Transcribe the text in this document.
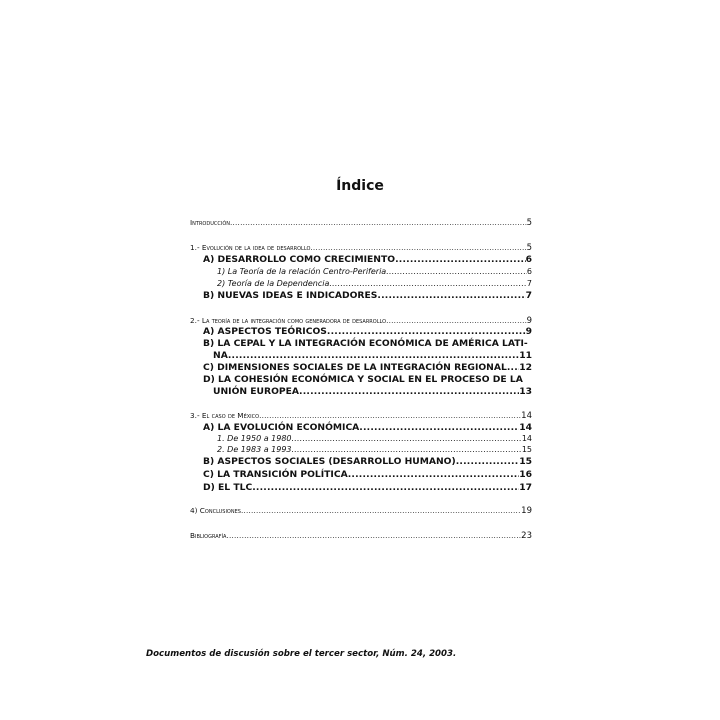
Índice
Introducción .....	5
1.- Evolución de la idea de desarrollo .....	5
A) DESARROLLO COMO CRECIMIENTO .....	6
1) La Teoría de la relación Centro-Periferia .....	6
2) Teoría de la Dependencia .....	7
B) NUEVAS IDEAS E INDICADORES .....	7
2.- La teoría de la integración como generadora de desarrollo .....	9
A) ASPECTOS TEÓRICOS .....	9
B) LA CEPAL Y LA INTEGRACIÓN ECONÓMICA DE AMÉRICA LATI-
NA .....	11
C) DIMENSIONES SOCIALES DE LA INTEGRACIÓN REGIONAL ..... 12
D) LA COHESIÓN ECONÓMICA Y SOCIAL EN EL PROCESO DE LA
UNIÓN EUROPEA .....	13
3.- El caso de México .....	14
A) LA EVOLUCIÓN ECONÓMICA .....	14
1. De 1950 a 1980 .....	14
2. De 1983 a 1993 .....	15
B) ASPECTOS SOCIALES (DESARROLLO HUMANO) .....	15
C) LA TRANSICIÓN POLÍTICA .....	16
D) EL TLC .....	17
4) Conclusiones .....	19
Bibliografía .....	23
Documentos de discusión sobre el tercer sector, Núm. 24, 2003.
